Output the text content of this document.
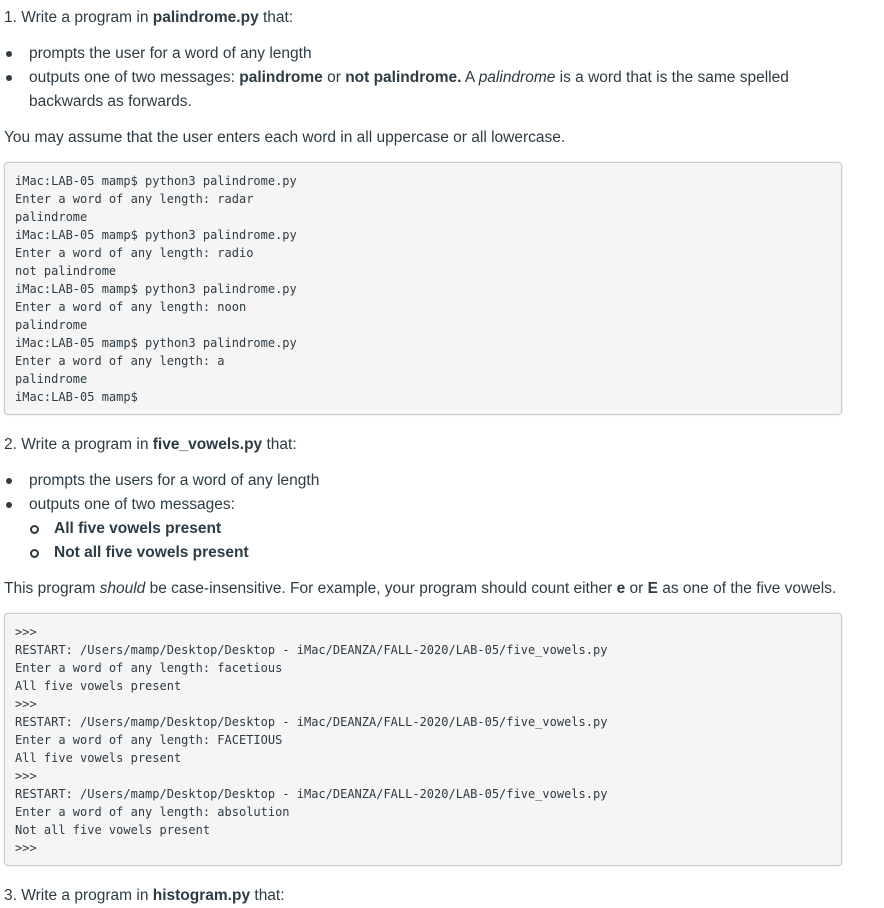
1. Write a program in palindrome.py that:

prompts the user for a word of any length
outputs one of two messages: palindrome or not palindrome. A palindrome is a word that is the same spelled backwards as forwards.

You may assume that the user enters each word in all uppercase or all lowercase.

iMac:LAB-05 mamp$ python3 palindrome.py
Enter a word of any length: radar
palindrome
iMac:LAB-05 mamp$ python3 palindrome.py
Enter a word of any length: radio
not palindrome
iMac:LAB-05 mamp$ python3 palindrome.py
Enter a word of any length: noon
palindrome
iMac:LAB-05 mamp$ python3 palindrome.py
Enter a word of any length: a
palindrome
iMac:LAB-05 mamp$

2. Write a program in five_vowels.py that:

prompts the users for a word of any length
outputs one of two messages:
All five vowels present
Not all five vowels present

This program should be case-insensitive. For example, your program should count either e or E as one of the five vowels.

>>>
RESTART: /Users/mamp/Desktop/Desktop - iMac/DEANZA/FALL-2020/LAB-05/five_vowels.py
Enter a word of any length: facetious
All five vowels present
>>>
RESTART: /Users/mamp/Desktop/Desktop - iMac/DEANZA/FALL-2020/LAB-05/five_vowels.py
Enter a word of any length: FACETIOUS
All five vowels present
>>>
RESTART: /Users/mamp/Desktop/Desktop - iMac/DEANZA/FALL-2020/LAB-05/five_vowels.py
Enter a word of any length: absolution
Not all five vowels present
>>>

3. Write a program in histogram.py that:
